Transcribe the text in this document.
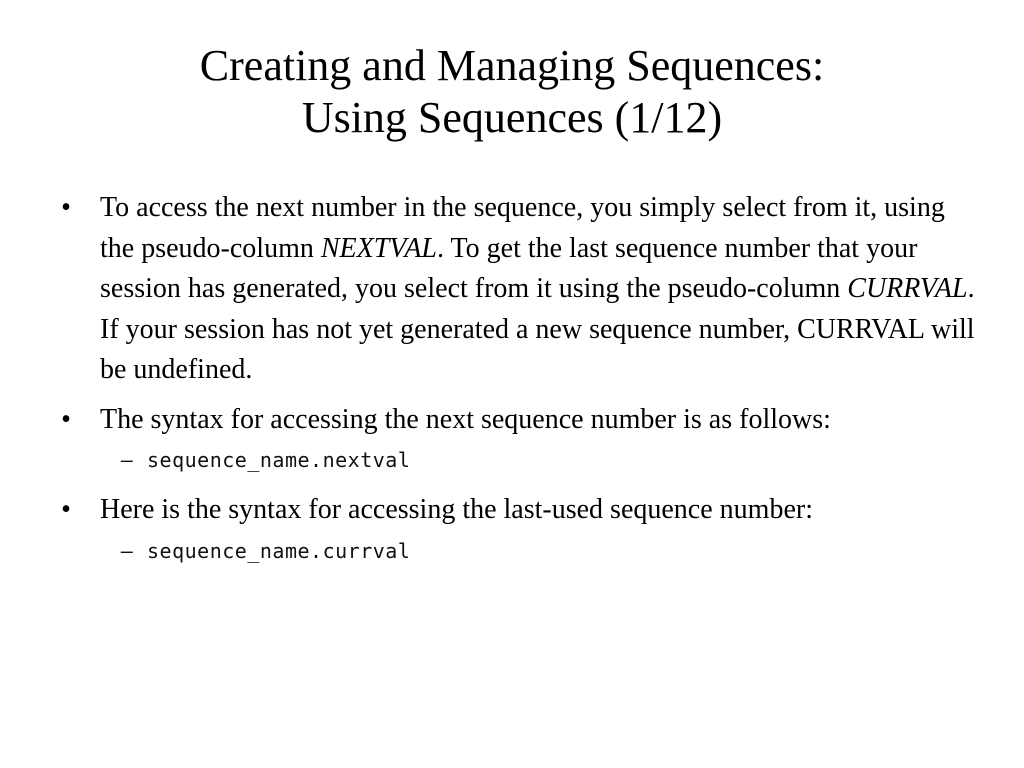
Creating and Managing Sequences:
Using Sequences (1/12)
• To access the next number in the sequence, you simply select from it, using the pseudo-column NEXTVAL. To get the last sequence number that your session has generated, you select from it using the pseudo-column CURRVAL. If your session has not yet generated a new sequence number, CURRVAL will be undefined.
• The syntax for accessing the next sequence number is as follows:
– sequence_name.nextval
• Here is the syntax for accessing the last-used sequence number:
– sequence_name.currval
